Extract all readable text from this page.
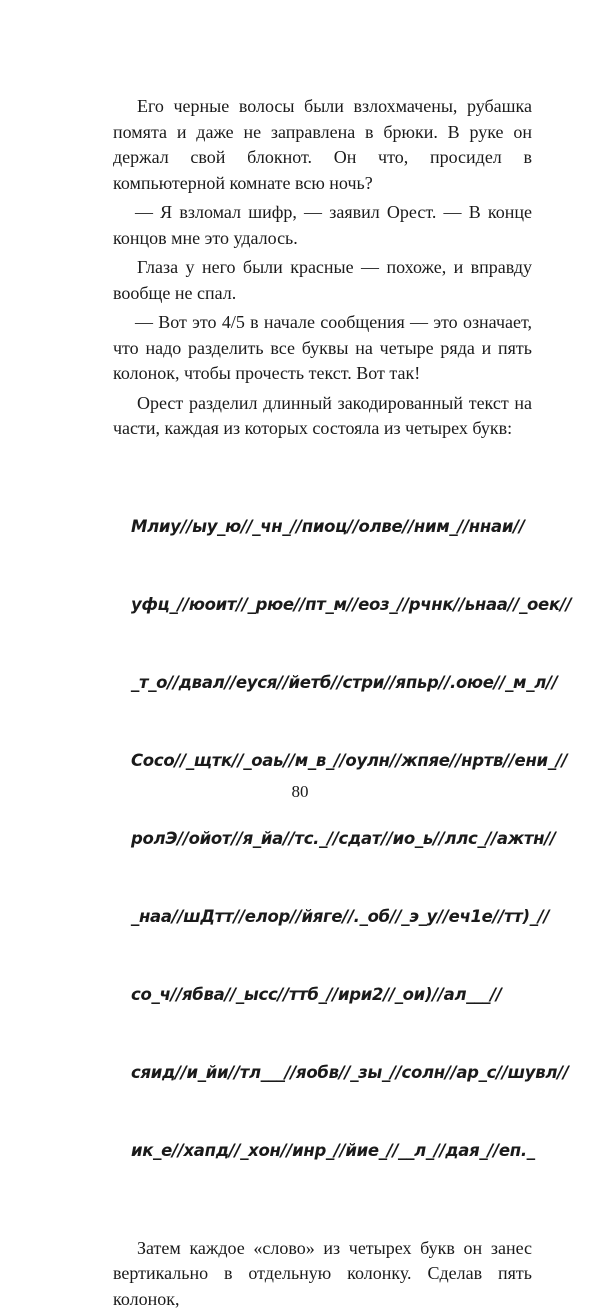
Его черные волосы были взлохмачены, рубашка помята и даже не заправлена в брюки. В руке он держал свой блокнот. Он что, просидел в компьютерной комнате всю ночь?

— Я взломал шифр, — заявил Орест. — В конце концов мне это удалось.

Глаза у него были красные — похоже, и вправду вообще не спал.

— Вот это 4/5 в начале сообщения — это означает, что надо разделить все буквы на четыре ряда и пять колонок, чтобы прочесть текст. Вот так!

Орест разделил длинный закодированный текст на части, каждая из которых состояла из четырех букв:

Млиу//ыу_ю//_чн_//пиоц//олве//ним_//ннаи//

уфц_//юоит//_рюе//пт_м//еоз_//рчнк//ьнаа//_оек//

_т_о//двал//еуся//йетб//стри//япьр//.оюе//_м_л//

Сосо//_щтк//_оаь//м_в_//оулн//жпяе//нртв//ени_//

ролЭ//ойот//я_йа//тс._//сдат//ио_ь//ллс_//ажтн//

_наа//шДтт//елор//йяге//._об//_э_у//еч1е//тт)_//

со_ч//ябва//_ысс//ттб_//ири2//_ои)//ал___//

сяид//и_йи//тл___//яобв//_зы_//солн//ар_с//шувл//

ик_е//хапд//_хон//инр_//йие_//__л_//дая_//еп._

Затем каждое «слово» из четырех букв он занес вертикально в отдельную колонку. Сделав пять колонок,

80
